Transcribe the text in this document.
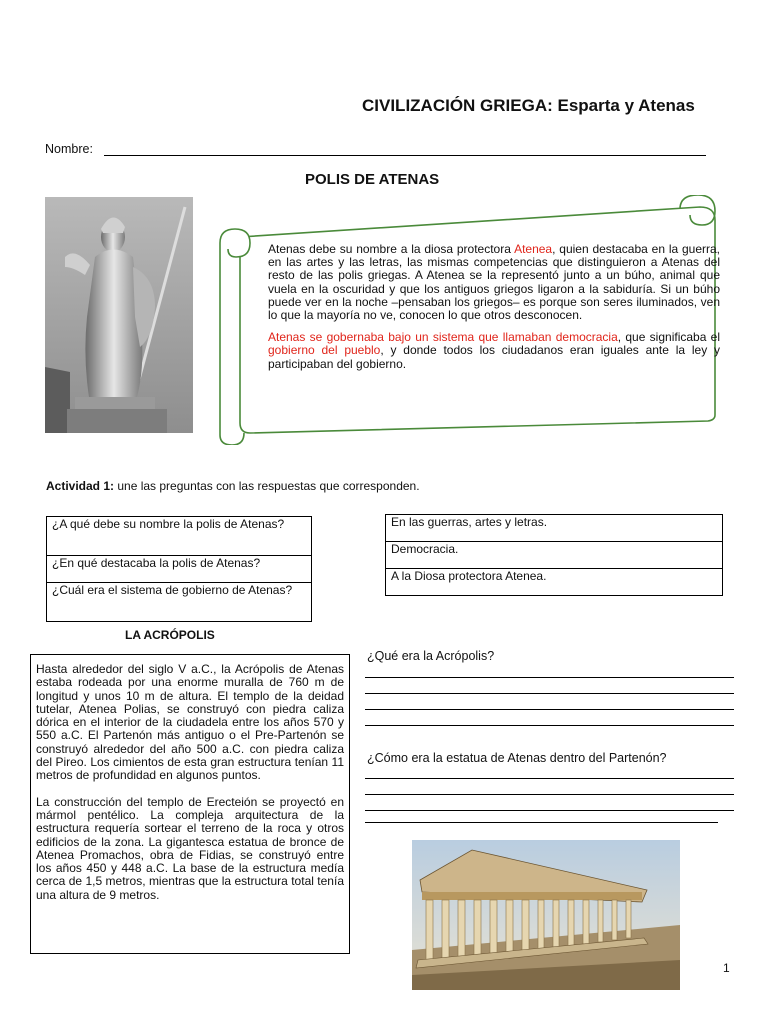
CIVILIZACIÓN GRIEGA: Esparta y Atenas
Nombre:
POLIS DE ATENAS

Atenas debe su nombre a la diosa protectora Atenea, quien destacaba en la guerra, en las artes y las letras, las mismas competencias que distinguieron a Atenas del resto de las polis griegas. A Atenea se la representó junto a un búho, animal que vuela en la oscuridad y que los antiguos griegos ligaron a la sabiduría. Si un búho puede ver en la noche –pensaban los griegos– es porque son seres iluminados, ven lo que la mayoría no ve, conocen lo que otros desconocen.

Atenas se gobernaba bajo un sistema que llamaban democracia, que significaba el gobierno del pueblo, y donde todos los ciudadanos eran iguales ante la ley y participaban del gobierno.

Actividad 1: une las preguntas con las respuestas que corresponden.
¿A qué debe su nombre la polis de Atenas?
¿En qué destacaba la polis de Atenas?
¿Cuál era el sistema de gobierno de Atenas?
En las guerras, artes y letras.
Democracia.
A la Diosa protectora Atenea.
LA ACRÓPOLIS

Hasta alrededor del siglo V a.C., la Acrópolis de Atenas estaba rodeada por una enorme muralla de 760 m de longitud y unos 10 m de altura. El templo de la deidad tutelar, Atenea Polias, se construyó con piedra caliza dórica en el interior de la ciudadela entre los años 570 y 550 a.C. El Partenón más antiguo o el Pre-Partenón se construyó alrededor del año 500 a.C. con piedra caliza del Pireo. Los cimientos de esta gran estructura tenían 11 metros de profundidad en algunos puntos.

La construcción del templo de Erecteión se proyectó en mármol pentélico. La compleja arquitectura de la estructura requería sortear el terreno de la roca y otros edificios de la zona. La gigantesca estatua de bronce de Atenea Promachos, obra de Fidias, se construyó entre los años 450 y 448 a.C. La base de la estructura medía cerca de 1,5 metros, mientras que la estructura total tenía una altura de 9 metros.

¿Qué era la Acrópolis?
¿Cómo era la estatua de Atenas dentro del Partenón?
1
